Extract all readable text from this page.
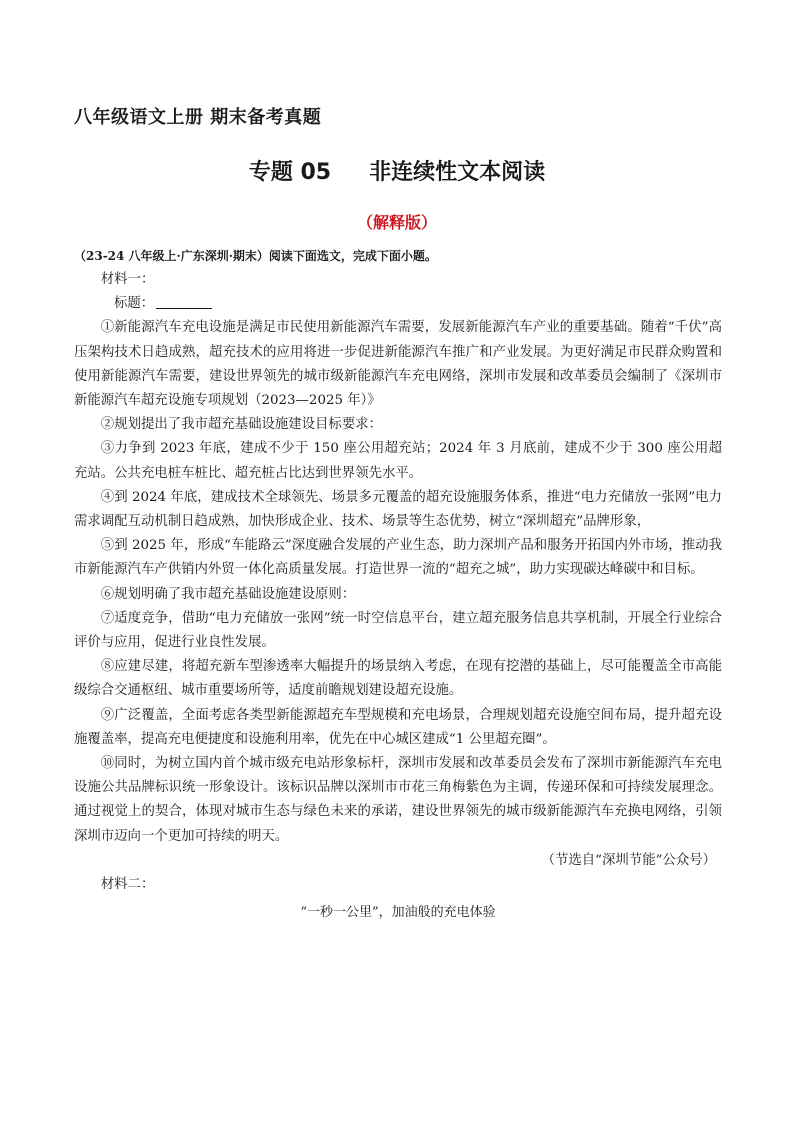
八年级语文上册 期末备考真题
专题 05 非连续性文本阅读
（解释版）
（23-24 八年级上·广东深圳·期末）阅读下面选文，完成下面小题。

材料一：

标题：

①新能源汽车充电设施是满足市民使用新能源汽车需要，发展新能源汽车产业的重要基础。随着“千伏”高压架构技术日趋成熟，超充技术的应用将进一步促进新能源汽车推广和产业发展。为更好满足市民群众购置和使用新能源汽车需要，建设世界领先的城市级新能源汽车充电网络，深圳市发展和改革委员会编制了《深圳市新能源汽车超充设施专项规划（2023—2025 年）》

②规划提出了我市超充基础设施建设目标要求：

③力争到 2023 年底，建成不少于 150 座公用超充站；2024 年 3 月底前，建成不少于 300 座公用超充站。公共充电桩车桩比、超充桩占比达到世界领先水平。

④到 2024 年底，建成技术全球领先、场景多元覆盖的超充设施服务体系，推进“电力充储放一张网”电力需求调配互动机制日趋成熟，加快形成企业、技术、场景等生态优势，树立“深圳超充”品牌形象，

⑤到 2025 年，形成“车能路云”深度融合发展的产业生态，助力深圳产品和服务开拓国内外市场，推动我市新能源汽车产供销内外贸一体化高质量发展。打造世界一流的“超充之城”，助力实现碳达峰碳中和目标。

⑥规划明确了我市超充基础设施建设原则：

⑦适度竞争，借助“电力充储放一张网”统一时空信息平台，建立超充服务信息共享机制，开展全行业综合评价与应用，促进行业良性发展。

⑧应建尽建，将超充新车型渗透率大幅提升的场景纳入考虑，在现有挖潜的基础上，尽可能覆盖全市高能级综合交通枢纽、城市重要场所等，适度前瞻规划建设超充设施。

⑨广泛覆盖，全面考虑各类型新能源超充车型规模和充电场景，合理规划超充设施空间布局，提升超充设施覆盖率，提高充电便捷度和设施利用率，优先在中心城区建成“1 公里超充圈”。

⑩同时，为树立国内首个城市级充电站形象标杆，深圳市发展和改革委员会发布了深圳市新能源汽车充电设施公共品牌标识统一形象设计。该标识品牌以深圳市市花三角梅紫色为主调，传递环保和可持续发展理念。通过视觉上的契合，体现对城市生态与绿色未来的承诺，建设世界领先的城市级新能源汽车充换电网络，引领深圳市迈向一个更加可持续的明天。

（节选自“深圳节能”公众号）

材料二：

“一秒一公里”，加油般的充电体验
